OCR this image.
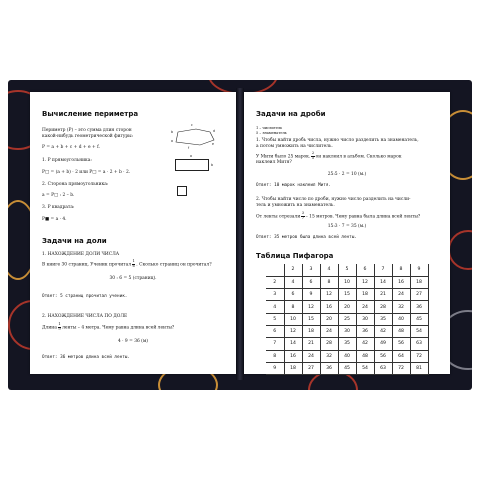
Вычисление периметра
Периметр (Р) – это сумма длин сторон
какой-нибудь геометрической фигуры:
c
d
b
a
e
f
P = a + b + c + d + e + f.
1. Р прямоугольника:
a
b
P□ = (a + b) · 2 или P□ = a · 2 + b · 2.
2. Сторона прямоугольника:
a = P□ : 2 – b.
3. Р квадрата:
P■ = a · 4.
Задачи на доли
1. НАХОЖДЕНИЕ ДОЛИ ЧИСЛА
В книге 30 страниц. Ученик прочитал $\frac{1}{6}$ . Сколько страниц он прочитал?
30 : 6 = 5 (страниц).
Ответ: 5 страниц прочитал ученик.
2. НАХОЖДЕНИЕ ЧИСЛА ПО ДОЛЕ
Длина $\frac{1}{9}$ ленты – 4 метра. Чему равна длина всей ленты?
4 · 9 = 36 (м)
Ответ: 36 метров длина всей ленты.
Задачи на дроби
1 – числитель
5 – знаменатель
1. Чтобы найти дробь числа, нужно число разделить на знаменатель,
а потом умножить на числитель.
У Мити было 25 марок. $\frac{2}{5}$ он наклеил в альбом. Сколько марок
наклеил Митя?
25:5 · 2 = 10 (м.)
Ответ: 10 марок наклеил Митя.
2. Чтобы найти число по дроби, нужно число разделить на числи-
тель и умножить на знаменатель.
От ленты отрезали $\frac{3}{7} - 15$ метров. Чему равна была длина всей ленты?
15:3 · 7 = 35 (м.)
Ответ: 35 метров была длина всей ленты.
Таблица Пифагора
	2	3	4	5	6	7	8	9
2	4	6	8	10	12	14	16	18
3	6	9	12	15	18	21	24	27
4	8	12	16	20	24	28	32	36
5	10	15	20	25	30	35	40	45
6	12	18	24	30	36	42	48	54
7	14	21	28	35	42	49	56	63
8	16	24	32	40	48	56	64	72
9	18	27	36	45	54	63	72	81
